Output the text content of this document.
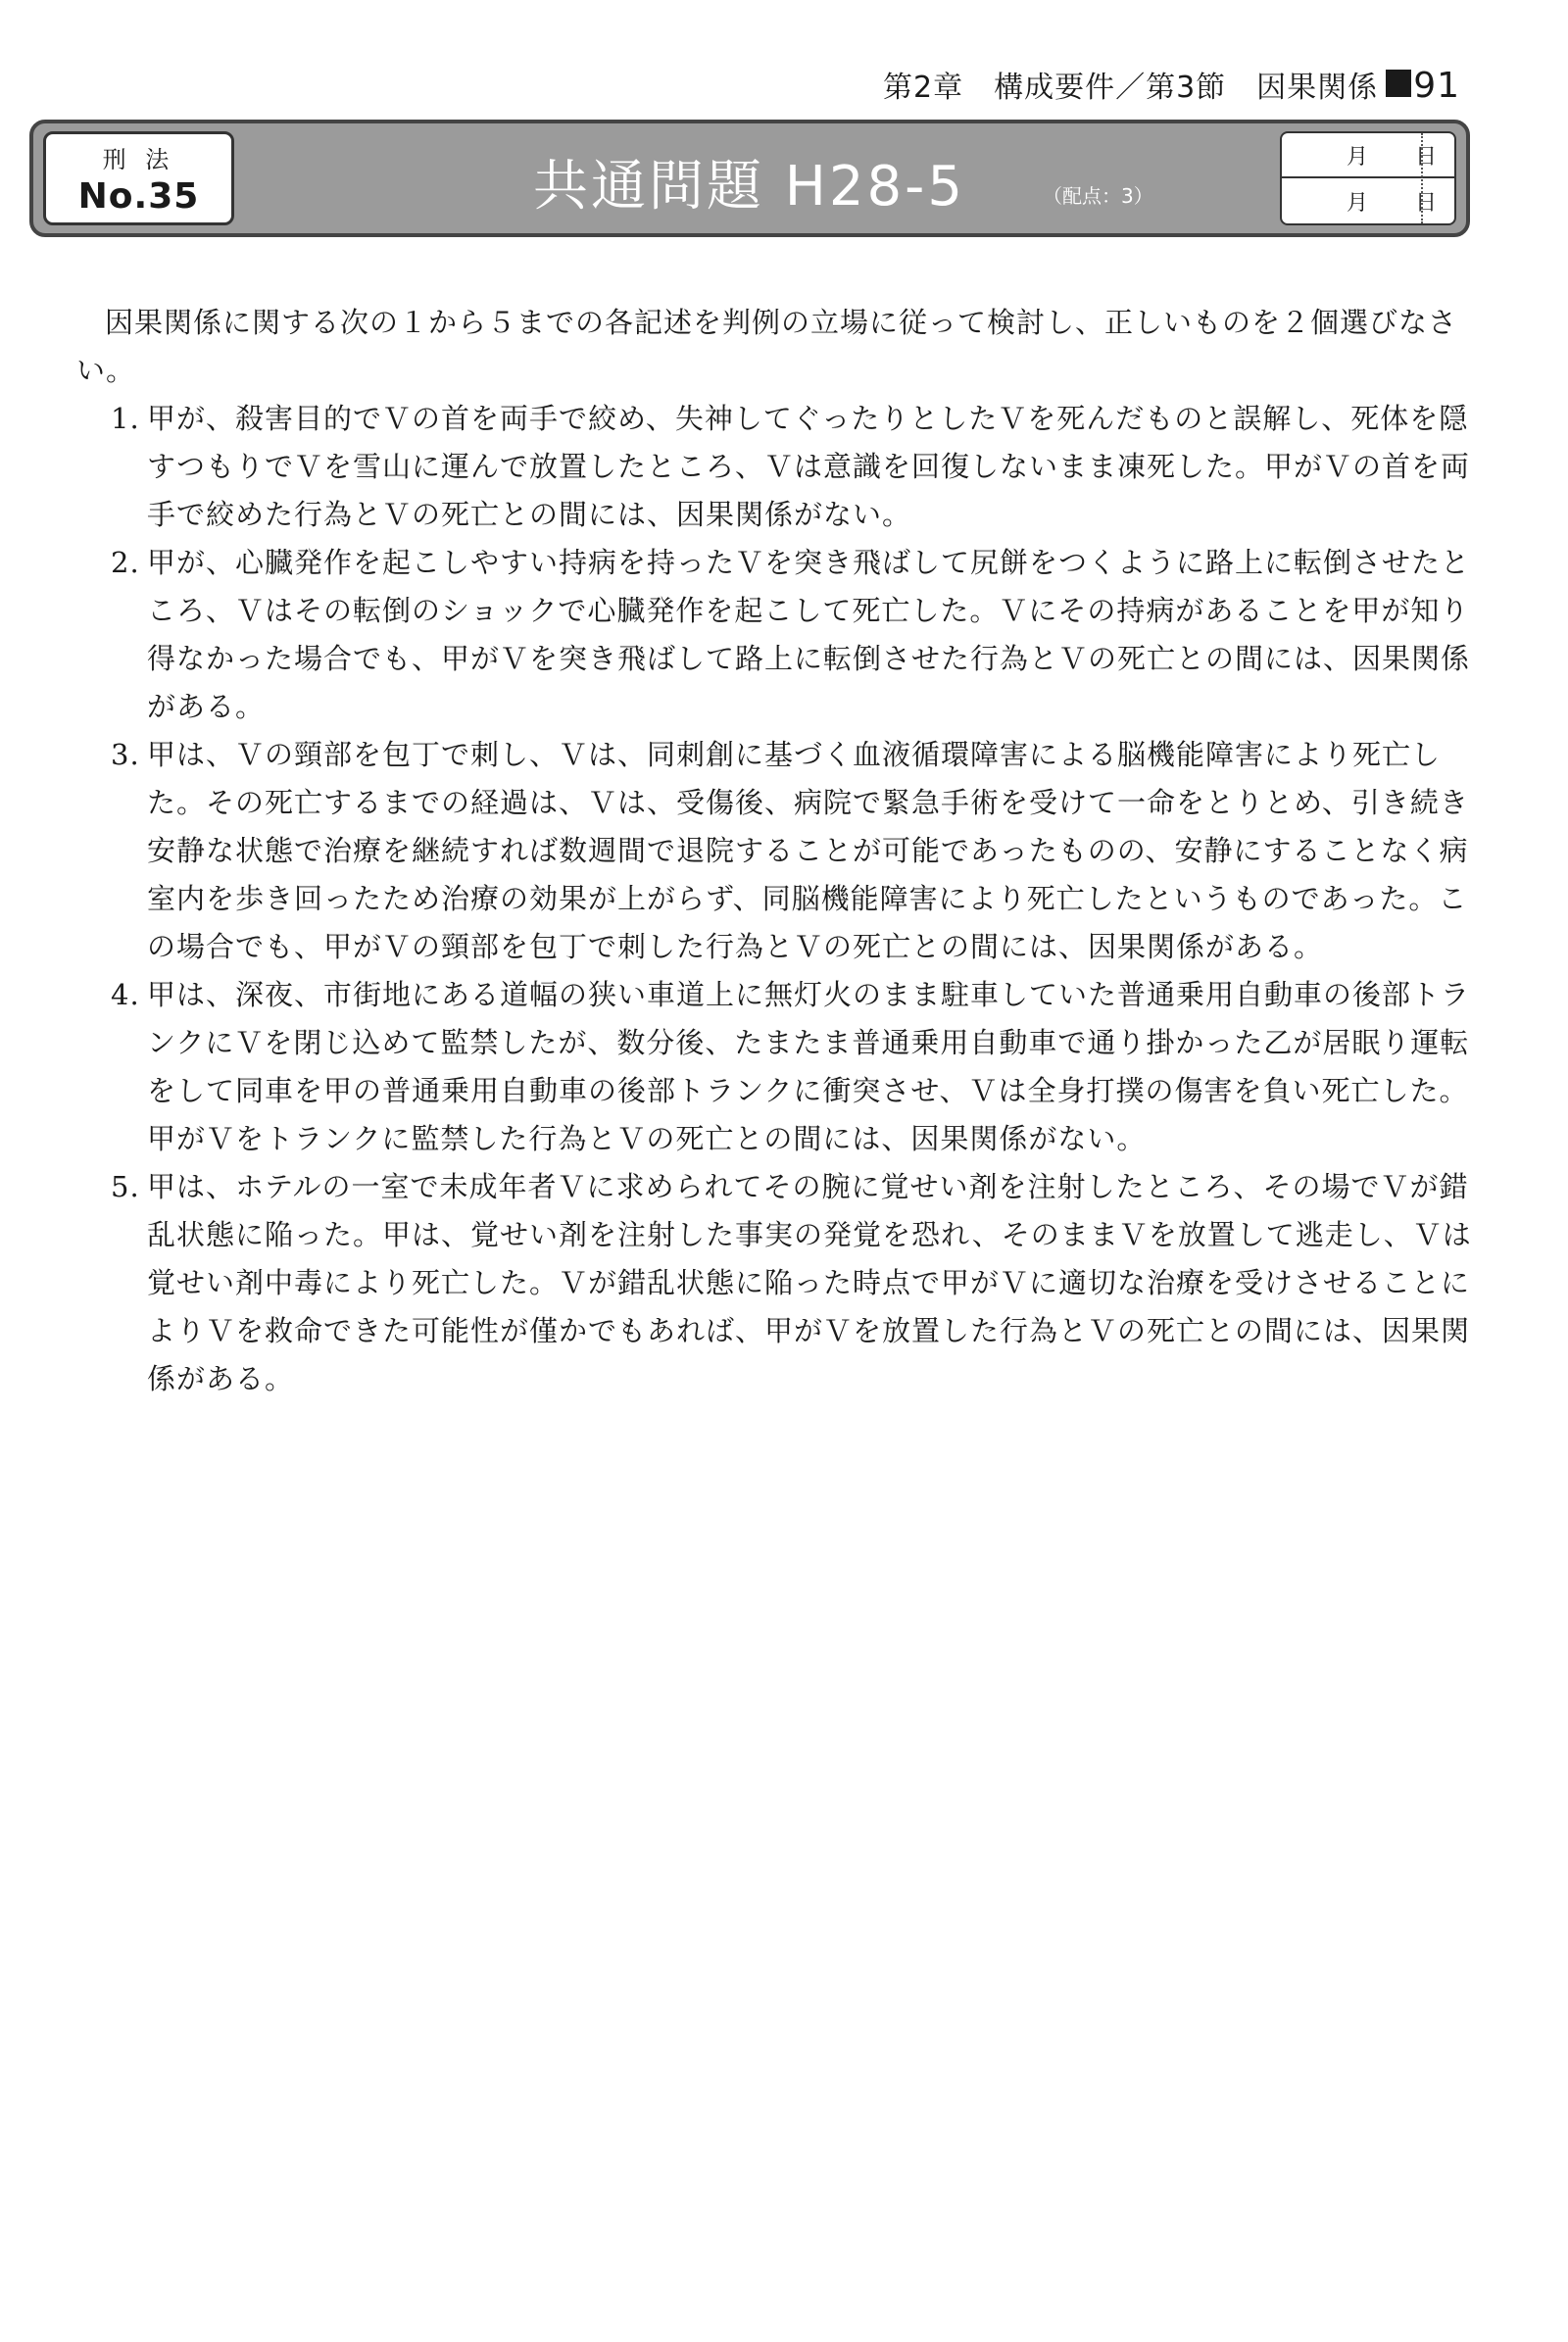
第2章　構成要件／第3節　因果関係 91
刑 法
No.35	共通問題 H28-5	（配点：3）
月 日
月 日

因果関係に関する次の１から５までの各記述を判例の立場に従って検討し、正しいものを２個選びなさい。

1. 甲が、殺害目的でＶの首を両手で絞め、失神してぐったりとしたＶを死んだものと誤解し、死体を隠すつもりでＶを雪山に運んで放置したところ、Ｖは意識を回復しないまま凍死した。甲がＶの首を両手で絞めた行為とＶの死亡との間には、因果関係がない。
2. 甲が、心臓発作を起こしやすい持病を持ったＶを突き飛ばして尻餅をつくように路上に転倒させたところ、Ｖはその転倒のショックで心臓発作を起こして死亡した。Ｖにその持病があることを甲が知り得なかった場合でも、甲がＶを突き飛ばして路上に転倒させた行為とＶの死亡との間には、因果関係がある。
3. 甲は、Ｖの頸部を包丁で刺し、Ｖは、同刺創に基づく血液循環障害による脳機能障害により死亡した。その死亡するまでの経過は、Ｖは、受傷後、病院で緊急手術を受けて一命をとりとめ、引き続き安静な状態で治療を継続すれば数週間で退院することが可能であったものの、安静にすることなく病室内を歩き回ったため治療の効果が上がらず、同脳機能障害により死亡したというものであった。この場合でも、甲がＶの頸部を包丁で刺した行為とＶの死亡との間には、因果関係がある。
4. 甲は、深夜、市街地にある道幅の狭い車道上に無灯火のまま駐車していた普通乗用自動車の後部トランクにＶを閉じ込めて監禁したが、数分後、たまたま普通乗用自動車で通り掛かった乙が居眠り運転をして同車を甲の普通乗用自動車の後部トランクに衝突させ、Ｖは全身打撲の傷害を負い死亡した。甲がＶをトランクに監禁した行為とＶの死亡との間には、因果関係がない。
5. 甲は、ホテルの一室で未成年者Ｖに求められてその腕に覚せい剤を注射したところ、その場でＶが錯乱状態に陥った。甲は、覚せい剤を注射した事実の発覚を恐れ、そのままＶを放置して逃走し、Ｖは覚せい剤中毒により死亡した。Ｖが錯乱状態に陥った時点で甲がＶに適切な治療を受けさせることによりＶを救命できた可能性が僅かでもあれば、甲がＶを放置した行為とＶの死亡との間には、因果関係がある。
